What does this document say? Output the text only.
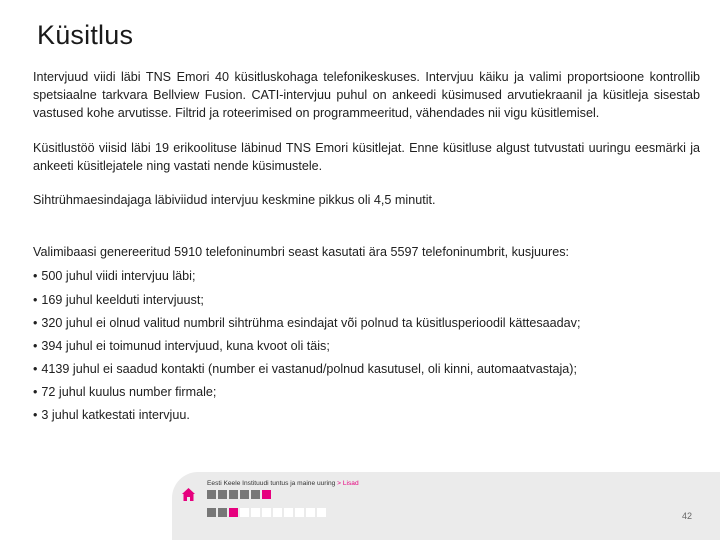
Küsitlus

Intervjuud viidi läbi TNS Emori 40 küsitluskohaga telefonikeskuses. Intervjuu käiku ja valimi proportsioone kontrollib spetsiaalne tarkvara Bellview Fusion. CATI-intervjuu puhul on ankeedi küsimused arvutiekraanil ja küsitleja sisestab vastused kohe arvutisse. Filtrid ja roteerimised on programmeeritud, vähendades nii vigu küsitlemisel.

Küsitlustöö viisid läbi 19 erikoolituse läbinud TNS Emori küsitlejat. Enne küsitluse algust tutvustati uuringu eesmärki ja ankeeti küsitlejatele ning vastati nende küsimustele.

Sihtrühmaesindajaga läbiviidud intervjuu keskmine pikkus oli 4,5 minutit.

Valimibaasi genereeritud 5910 telefoninumbri seast kasutati ära 5597 telefoninumbrit, kusjuures:

• 500 juhul viidi intervjuu läbi;
• 169 juhul keelduti intervjuust;
• 320 juhul ei olnud valitud numbril sihtrühma esindajat või polnud ta küsitlusperioodil kättesaadav;
• 394 juhul ei toimunud intervjuud, kuna kvoot oli täis;
• 4139 juhul ei saadud kontakti (number ei vastanud/polnud kasutusel, oli kinni, automaatvastaja);
• 72 juhul kuulus number firmale;
• 3 juhul katkestati intervjuu.
Eesti Keele Instituudi tuntus ja maine uuring > Lisad
42
